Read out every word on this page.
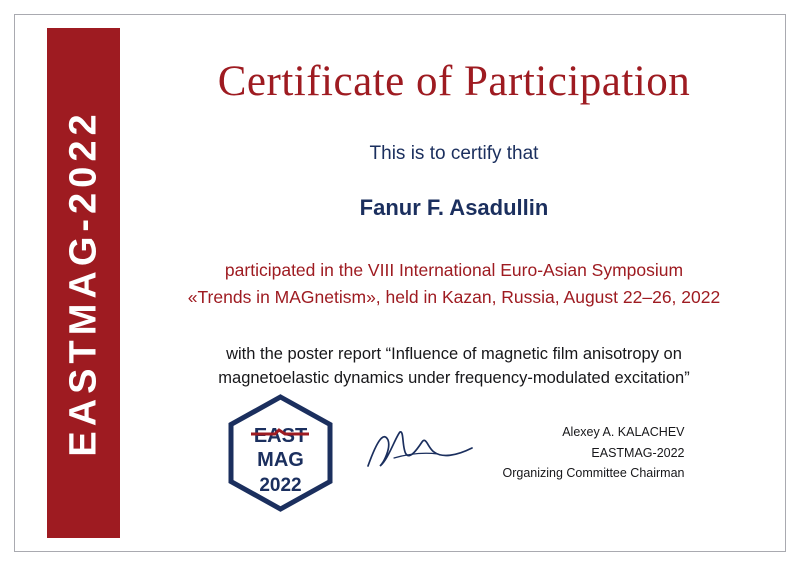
EASTMAG-2022
Certificate of Participation
This is to certify that
Fanur F. Asadullin
participated in the VIII International Euro-Asian Symposium
«Trends in MAGnetism», held in Kazan, Russia, August 22–26, 2022
with the poster report “Influence of magnetic film anisotropy on
magnetoelastic dynamics under frequency-modulated excitation”
EAST
MAG
2022
Alexey A. KALACHEV
EASTMAG-2022
Organizing Committee Chairman
